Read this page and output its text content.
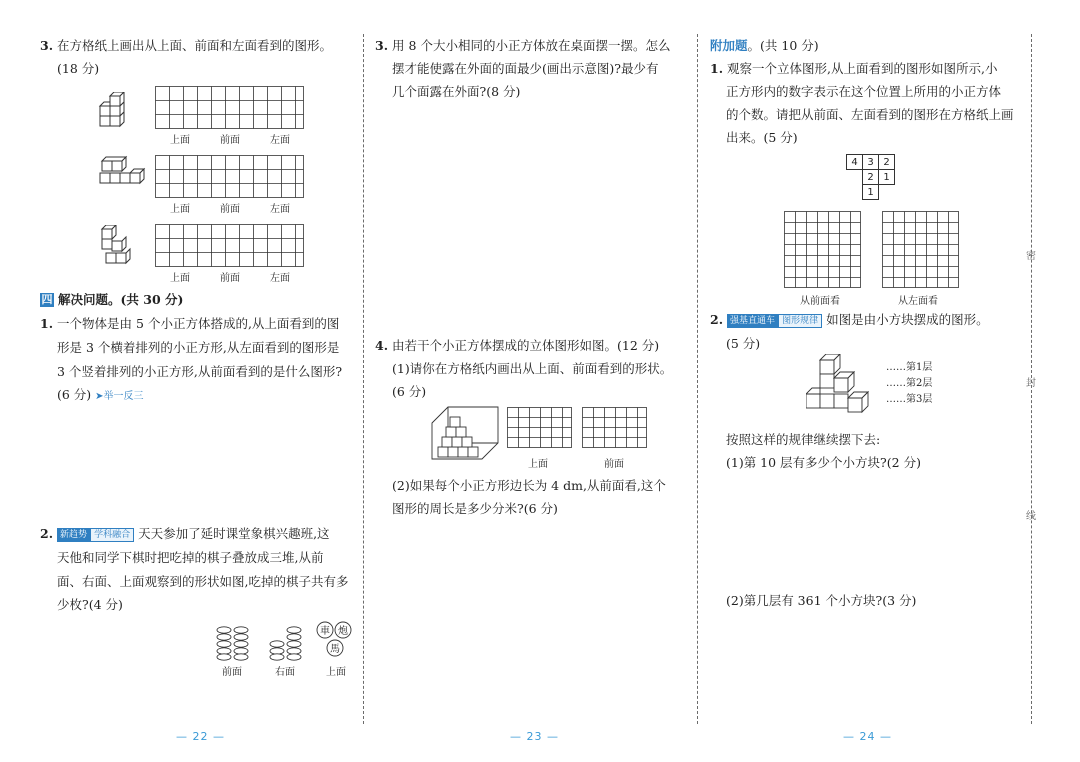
密
封
线
3. 在方格纸上画出从上面、前面和左面看到的图形。
(18 分)
上面	前面	左面
上面	前面	左面
上面	前面	左面
四 解决问题。(共 30 分)
1. 一个物体是由 5 个小正方体搭成的,从上面看到的图
形是 3 个横着排列的小正方形,从左面看到的图形是
3 个竖着排列的小正方形,从前面看到的是什么图形?
(6 分) ➤举一反三
2. 新趋势 学科融合 天天参加了延时课堂象棋兴趣班,这
天他和同学下棋时把吃掉的棋子叠放成三堆,从前
面、右面、上面观察到的形状如图,吃掉的棋子共有多
少枚?(4 分)
車 炮
馬
前面	右面	上面
3. 用 8 个大小相同的小正方体放在桌面摆一摆。怎么
摆才能使露在外面的面最少(画出示意图)?最少有
几个面露在外面?(8 分)
4. 由若干个小正方体摆成的立体图形如图。(12 分)
(1)请你在方格纸内画出从上面、前面看到的形状。
(6 分)
上面	前面
(2)如果每个小正方形边长为 4 dm,从前面看,这个
图形的周长是多少分米?(6 分)
附加题。(共 10 分)
1. 观察一个立体图形,从上面看到的图形如图所示,小
正方形内的数字表示在这个位置上所用的小正方体
的个数。请把从前面、左面看到的图形在方格纸上画
出来。(5 分)
4	3	2
	2	1
	1	
从前面看	从左面看
2. 强基直通车 图形规律 如图是由小方块摆成的图形。
(5 分)
……第1层
……第2层
……第3层
按照这样的规律继续摆下去:
(1)第 10 层有多少个小方块?(2 分)
(2)第几层有 361 个小方块?(3 分)
— 22 —	— 23 —	— 24 —
